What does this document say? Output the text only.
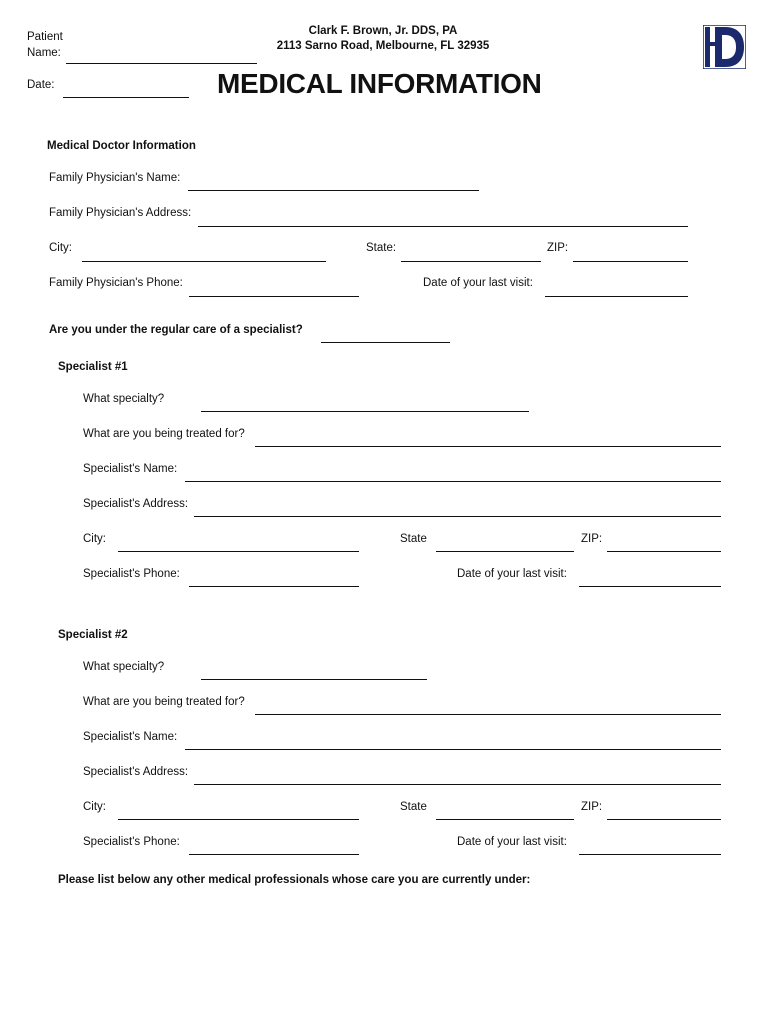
Patient
Name:
Date:
Clark F. Brown, Jr. DDS, PA
2113 Sarno Road, Melbourne, FL 32935
MEDICAL INFORMATION
Medical Doctor Information
Family Physician's Name:
Family Physician's Address:
City:	State:	ZIP:
Family Physician's Phone:	Date of your last visit:
Are you under the regular care of a specialist?
Specialist #1
What specialty?
What are you being treated for?
Specialist's Name:
Specialist's Address:
City:	State	ZIP:
Specialist's Phone:	Date of your last visit:
Specialist #2
What specialty?
What are you being treated for?
Specialist's Name:
Specialist's Address:
City:	State	ZIP:
Specialist's Phone:	Date of your last visit:
Please list below any other medical professionals whose care you are currently under:
